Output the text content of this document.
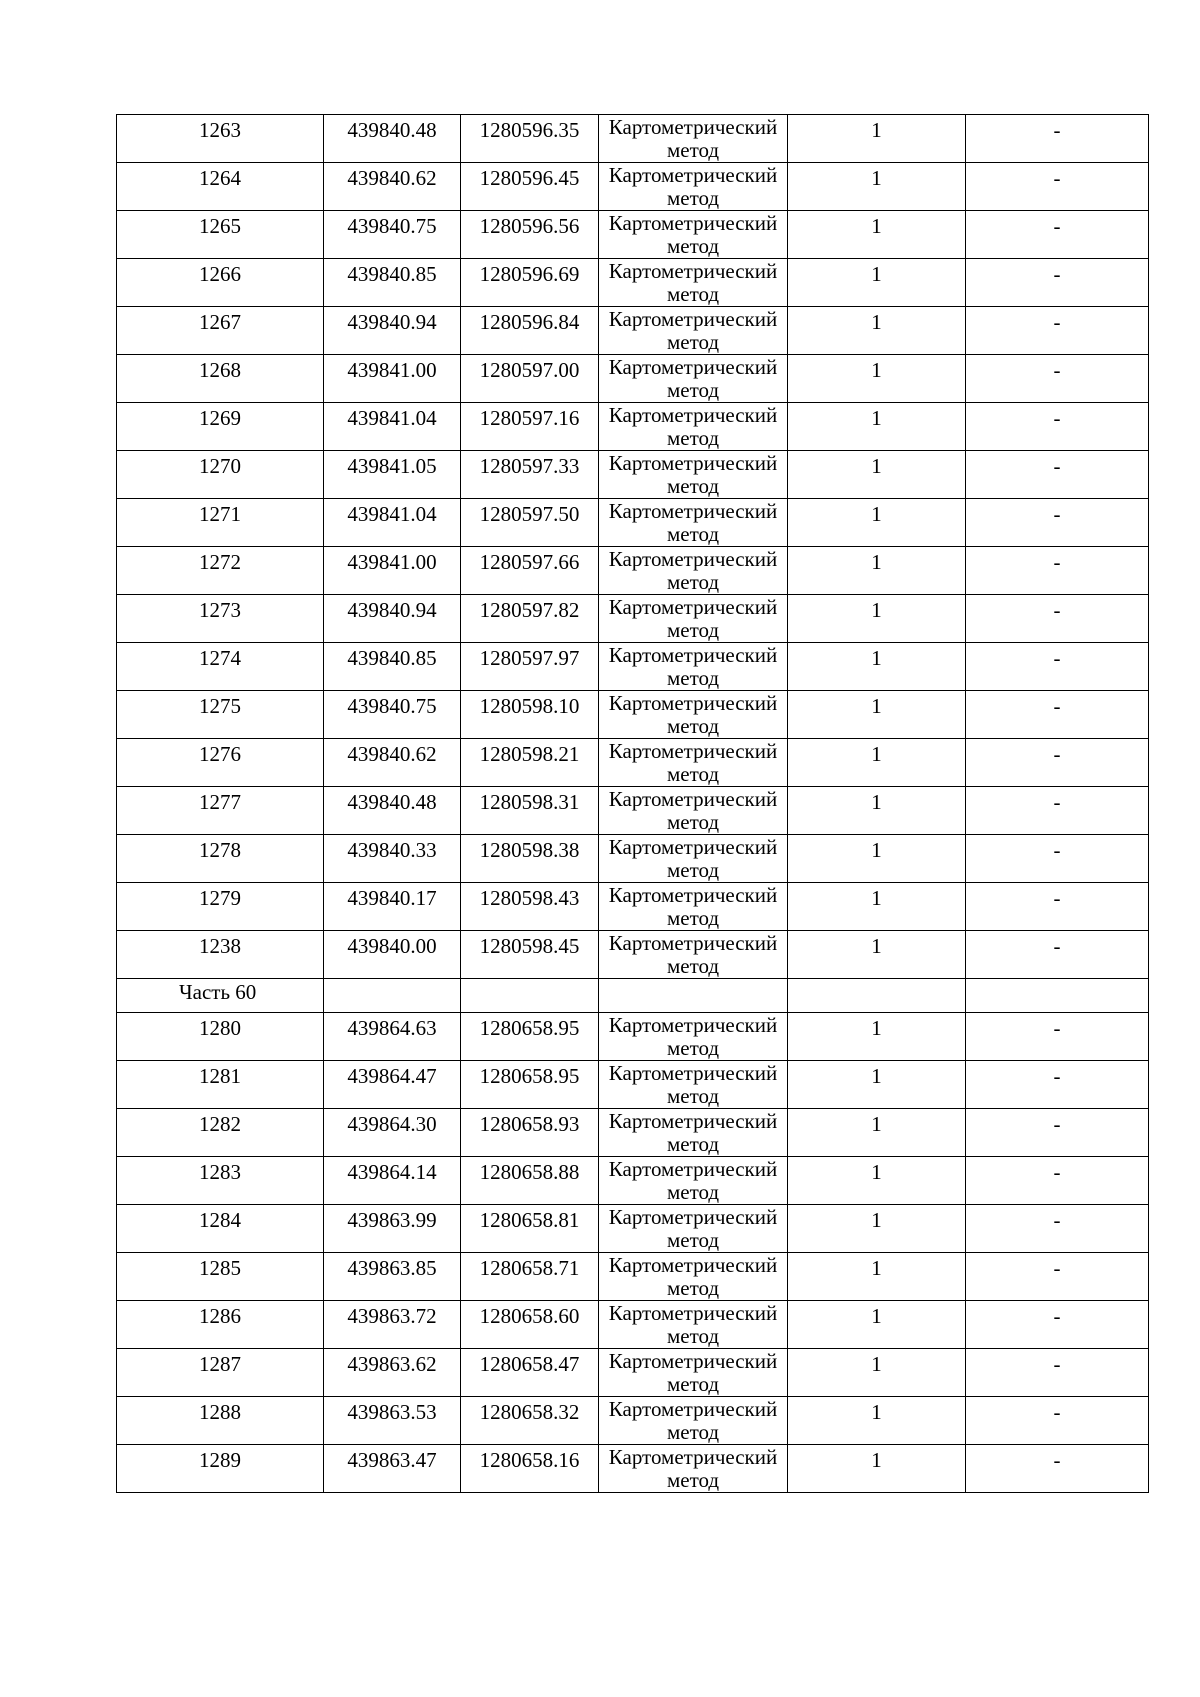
1263	439840.48	1280596.35	Картометрический
метод	1	-
1264	439840.62	1280596.45	Картометрический
метод	1	-
1265	439840.75	1280596.56	Картометрический
метод	1	-
1266	439840.85	1280596.69	Картометрический
метод	1	-
1267	439840.94	1280596.84	Картометрический
метод	1	-
1268	439841.00	1280597.00	Картометрический
метод	1	-
1269	439841.04	1280597.16	Картометрический
метод	1	-
1270	439841.05	1280597.33	Картометрический
метод	1	-
1271	439841.04	1280597.50	Картометрический
метод	1	-
1272	439841.00	1280597.66	Картометрический
метод	1	-
1273	439840.94	1280597.82	Картометрический
метод	1	-
1274	439840.85	1280597.97	Картометрический
метод	1	-
1275	439840.75	1280598.10	Картометрический
метод	1	-
1276	439840.62	1280598.21	Картометрический
метод	1	-
1277	439840.48	1280598.31	Картометрический
метод	1	-
1278	439840.33	1280598.38	Картометрический
метод	1	-
1279	439840.17	1280598.43	Картометрический
метод	1	-
1238	439840.00	1280598.45	Картометрический
метод	1	-
Часть 60					
1280	439864.63	1280658.95	Картометрический
метод	1	-
1281	439864.47	1280658.95	Картометрический
метод	1	-
1282	439864.30	1280658.93	Картометрический
метод	1	-
1283	439864.14	1280658.88	Картометрический
метод	1	-
1284	439863.99	1280658.81	Картометрический
метод	1	-
1285	439863.85	1280658.71	Картометрический
метод	1	-
1286	439863.72	1280658.60	Картометрический
метод	1	-
1287	439863.62	1280658.47	Картометрический
метод	1	-
1288	439863.53	1280658.32	Картометрический
метод	1	-
1289	439863.47	1280658.16	Картометрический
метод	1	-
